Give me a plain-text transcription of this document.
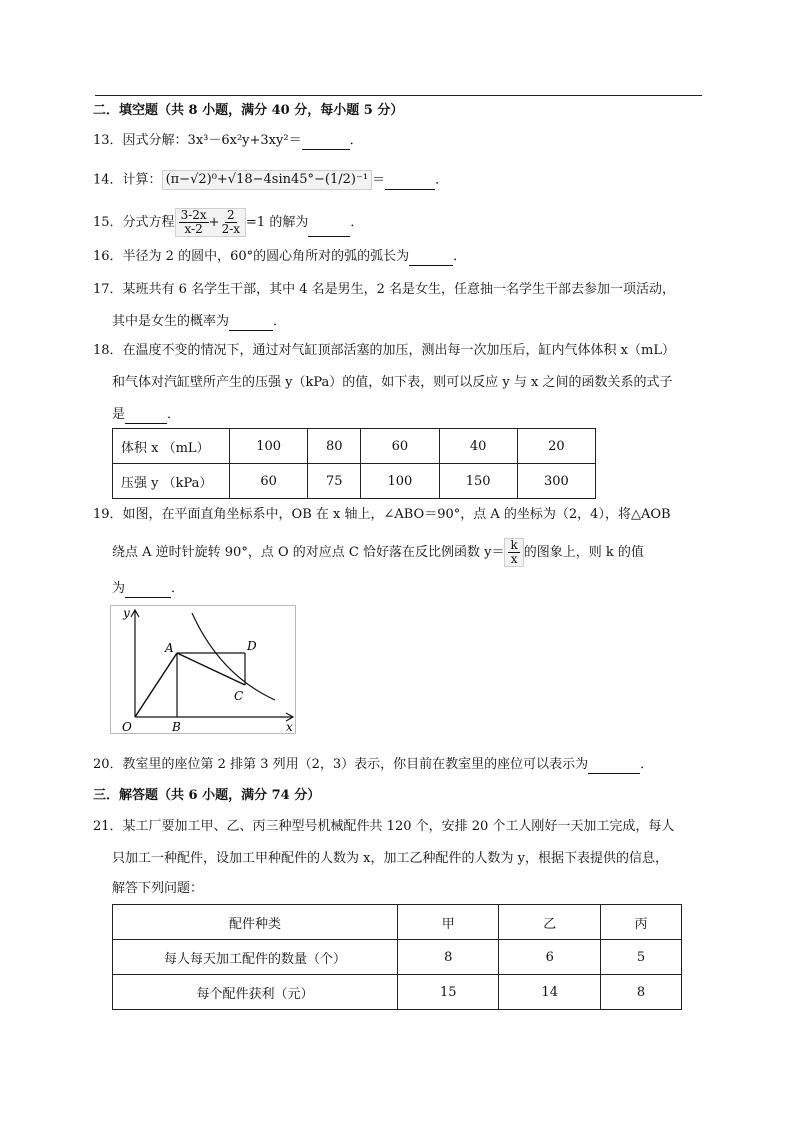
二．填空题（共 8 小题，满分 40 分，每小题 5 分）
13．因式分解：3x³－6x²y+3xy²＝	．
14．计算： (π−√2)⁰+√18−4sin45°−(1/2)⁻¹ ＝	．
15．分式方程 $\frac{3-2x}{x-2} + \frac{2}{2-x} =1$ 的解为	．
16．半径为 2 的圆中，60°的圆心角所对的弧的弧长为	．
17．某班共有 6 名学生干部，其中 4 名是男生，2 名是女生，任意抽一名学生干部去参加一项活动，
其中是女生的概率为	．
18．在温度不变的情况下，通过对气缸顶部活塞的加压，测出每一次加压后，缸内气体体积 x（mL）
和气体对汽缸壁所产生的压强 y（kPa）的值，如下表，则可以反应 y 与 x 之间的函数关系的式子
是	．
体积 x （mL）	100	80	60	40	20
压强 y （kPa）	60	75	100	150	300
19．如图，在平面直角坐标系中，OB 在 x 轴上，∠ABO＝90°，点 A 的坐标为（2，4），将△AOB
绕点 A 逆时针旋转 90°，点 O 的对应点 C 恰好落在反比例函数 $y= \frac{k}{x}$ 的图象上，则 k 的值
为	．
y
x
O
A
B
C
D
20．教室里的座位第 2 排第 3 列用（2，3）表示，你目前在教室里的座位可以表示为	．
三．解答题（共 6 小题，满分 74 分）
21．某工厂要加工甲、乙、丙三种型号机械配件共 120 个，安排 20 个工人刚好一天加工完成，每人
只加工一种配件，设加工甲种配件的人数为 x，加工乙种配件的人数为 y，根据下表提供的信息，
解答下列问题：
配件种类	甲	乙	丙
每人每天加工配件的数量（个）	8	6	5
每个配件获利（元）	15	14	8
